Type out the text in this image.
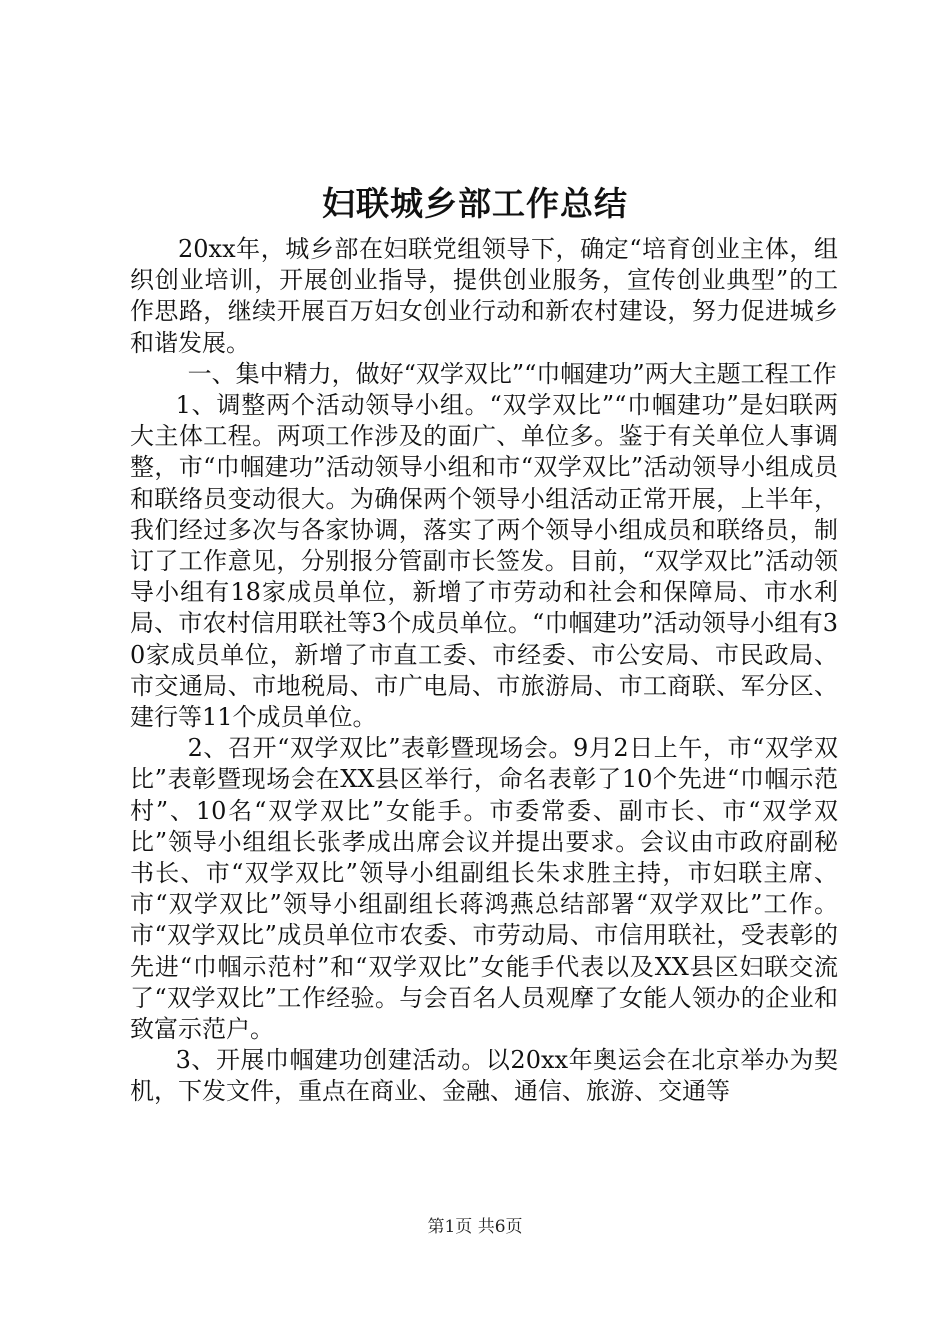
妇联城乡部工作总结

20xx年，城乡部在妇联党组领导下，确定“培育创业主体，组织创业培训，开展创业指导，提供创业服务，宣传创业典型”的工作思路，继续开展百万妇女创业行动和新农村建设，努力促进城乡和谐发展。

一、集中精力，做好“双学双比”“巾帼建功”两大主题工程工作

1、调整两个活动领导小组。“双学双比”“巾帼建功”是妇联两大主体工程。两项工作涉及的面广、单位多。鉴于有关单位人事调整，市“巾帼建功”活动领导小组和市“双学双比”活动领导小组成员和联络员变动很大。为确保两个领导小组活动正常开展，上半年，我们经过多次与各家协调，落实了两个领导小组成员和联络员，制订了工作意见，分别报分管副市长签发。目前，“双学双比”活动领导小组有18家成员单位，新增了市劳动和社会和保障局、市水利局、市农村信用联社等3个成员单位。“巾帼建功”活动领导小组有30家成员单位，新增了市直工委、市经委、市公安局、市民政局、市交通局、市地税局、市广电局、市旅游局、市工商联、军分区、建行等11个成员单位。

2、召开“双学双比”表彰暨现场会。9月2日上午，市“双学双比”表彰暨现场会在XX县区举行，命名表彰了10个先进“巾帼示范村”、10名“双学双比”女能手。市委常委、副市长、市“双学双比”领导小组组长张孝成出席会议并提出要求。会议由市政府副秘书长、市“双学双比”领导小组副组长朱求胜主持，市妇联主席、市“双学双比”领导小组副组长蒋鸿燕总结部署“双学双比”工作。市“双学双比”成员单位市农委、市劳动局、市信用联社，受表彰的先进“巾帼示范村”和“双学双比”女能手代表以及XX县区妇联交流了“双学双比”工作经验。与会百名人员观摩了女能人领办的企业和致富示范户。

3、开展巾帼建功创建活动。以20xx年奥运会在北京举办为契机，下发文件，重点在商业、金融、通信、旅游、交通等

第1页 共6页
